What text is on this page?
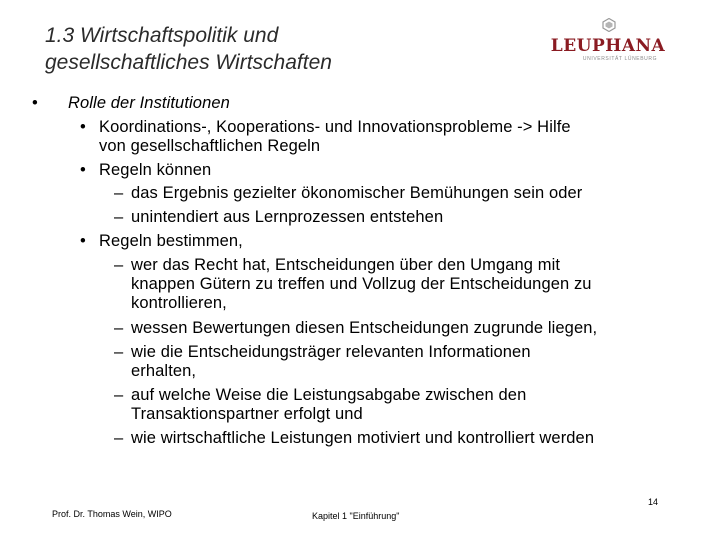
1.3 Wirtschaftspolitik und
gesellschaftliches Wirtschaften
LEUPHANA
UNIVERSITÄT LÜNEBURG
• Rolle der Institutionen
• Koordinations-, Kooperations- und Innovationsprobleme -> Hilfe
von gesellschaftlichen Regeln
• Regeln können
– das Ergebnis gezielter ökonomischer Bemühungen sein oder
– unintendiert aus Lernprozessen entstehen
• Regeln bestimmen,
– wer das Recht hat, Entscheidungen über den Umgang mit
knappen Gütern zu treffen und Vollzug der Entscheidungen zu
kontrollieren,
– wessen Bewertungen diesen Entscheidungen zugrunde liegen,
– wie die Entscheidungsträger relevanten Informationen
erhalten,
– auf welche Weise die Leistungsabgabe zwischen den
Transaktionspartner erfolgt und
– wie wirtschaftliche Leistungen motiviert und kontrolliert werden
Prof. Dr. Thomas Wein, WIPO	Kapitel 1 "Einführung"
14
